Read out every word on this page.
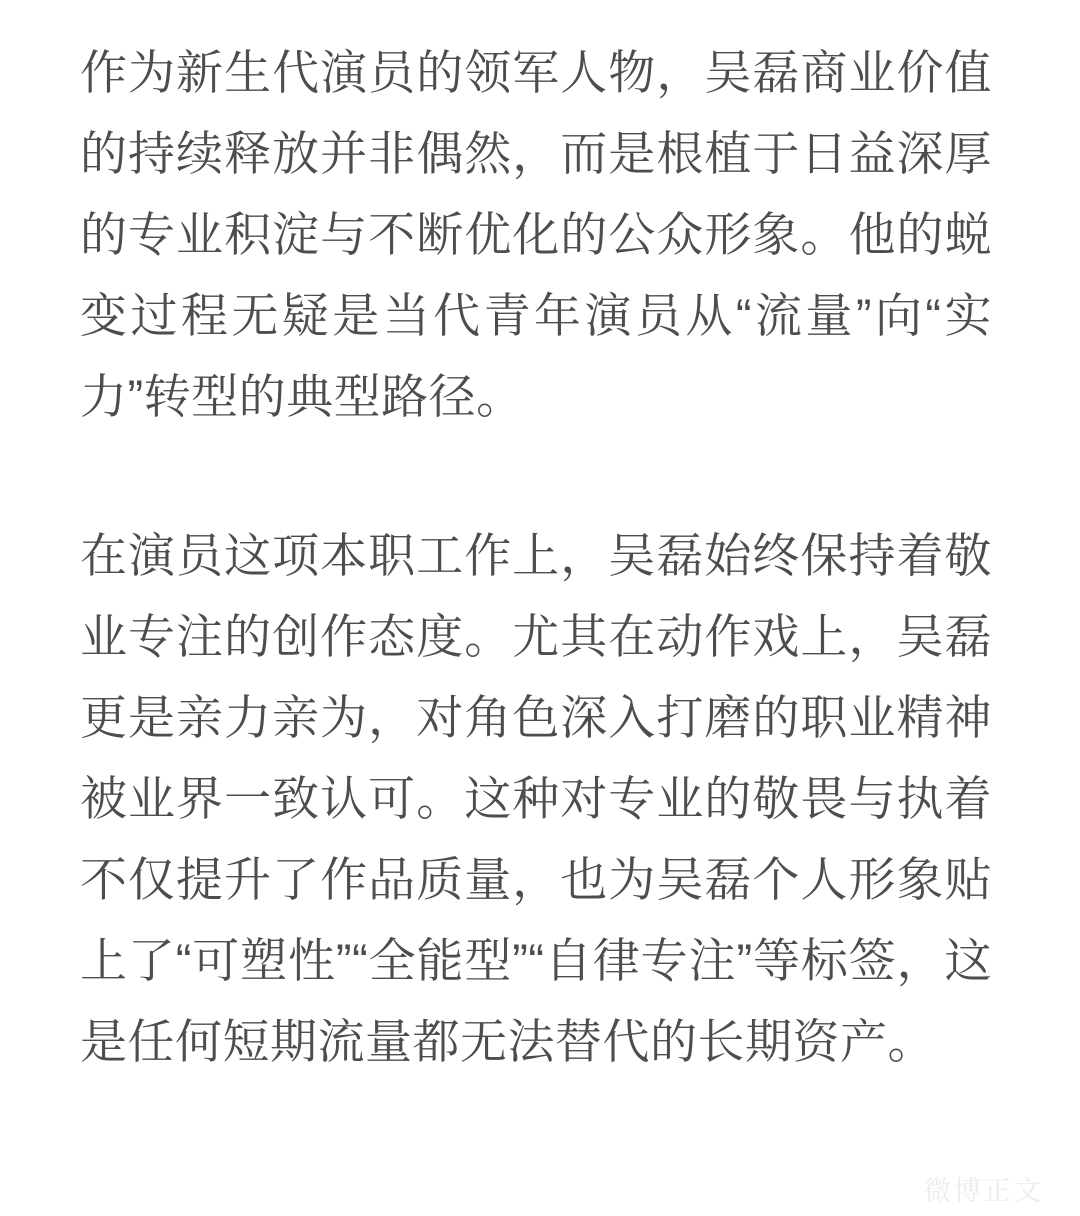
作为新生代演员的领军人物，吴磊商业价值的持续释放并非偶然，而是根植于日益深厚的专业积淀与不断优化的公众形象。他的蜕变过程无疑是当代青年演员从“流量”向“实力”转型的典型路径。

在演员这项本职工作上，吴磊始终保持着敬业专注的创作态度。尤其在动作戏上，吴磊更是亲力亲为，对角色深入打磨的职业精神被业界一致认可。这种对专业的敬畏与执着不仅提升了作品质量，也为吴磊个人形象贴上了“可塑性”“全能型”“自律专注”等标签，这是任何短期流量都无法替代的长期资产。

微博正文
